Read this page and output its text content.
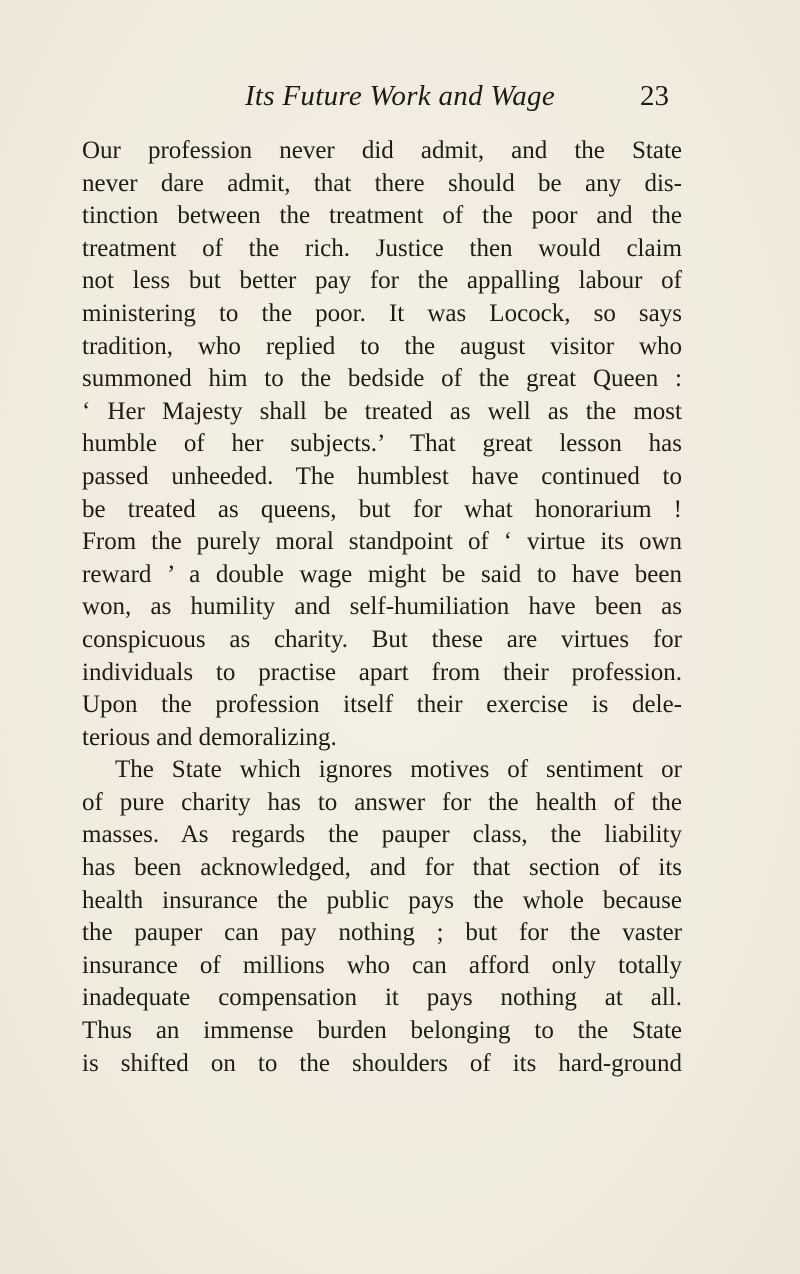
Its Future Work and Wage	23
Our profession never did admit, and the State
never dare admit, that there should be any dis-
tinction between the treatment of the poor and the
treatment of the rich. Justice then would claim
not less but better pay for the appalling labour of
ministering to the poor. It was Locock, so says
tradition, who replied to the august visitor who
summoned him to the bedside of the great Queen :
‘ Her Majesty shall be treated as well as the most
humble of her subjects.’ That great lesson has
passed unheeded. The humblest have continued to
be treated as queens, but for what honorarium !
From the purely moral standpoint of ‘ virtue its own
reward ’ a double wage might be said to have been
won, as humility and self-humiliation have been as
conspicuous as charity. But these are virtues for
individuals to practise apart from their profession.
Upon the profession itself their exercise is dele-
terious and demoralizing.
The State which ignores motives of sentiment or
of pure charity has to answer for the health of the
masses. As regards the pauper class, the liability
has been acknowledged, and for that section of its
health insurance the public pays the whole because
the pauper can pay nothing ; but for the vaster
insurance of millions who can afford only totally
inadequate compensation it pays nothing at all.
Thus an immense burden belonging to the State
is shifted on to the shoulders of its hard-ground
